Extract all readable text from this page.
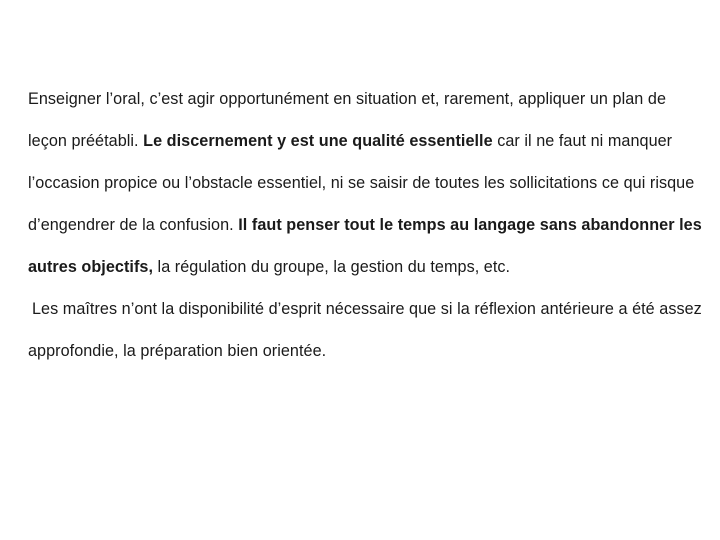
Enseigner l’oral, c’est agir opportunément en situation et, rarement, appliquer un plan de leçon préétabli. Le discernement y est une qualité essentielle car il ne faut ni manquer l’occasion propice ou l’obstacle essentiel, ni se saisir de toutes les sollicitations ce qui risque d’engendrer de la confusion. Il faut penser tout le temps au langage sans abandonner les autres objectifs, la régulation du groupe, la gestion du temps, etc.

Les maîtres n’ont la disponibilité d’esprit nécessaire que si la réflexion antérieure a été assez approfondie, la préparation bien orientée.
